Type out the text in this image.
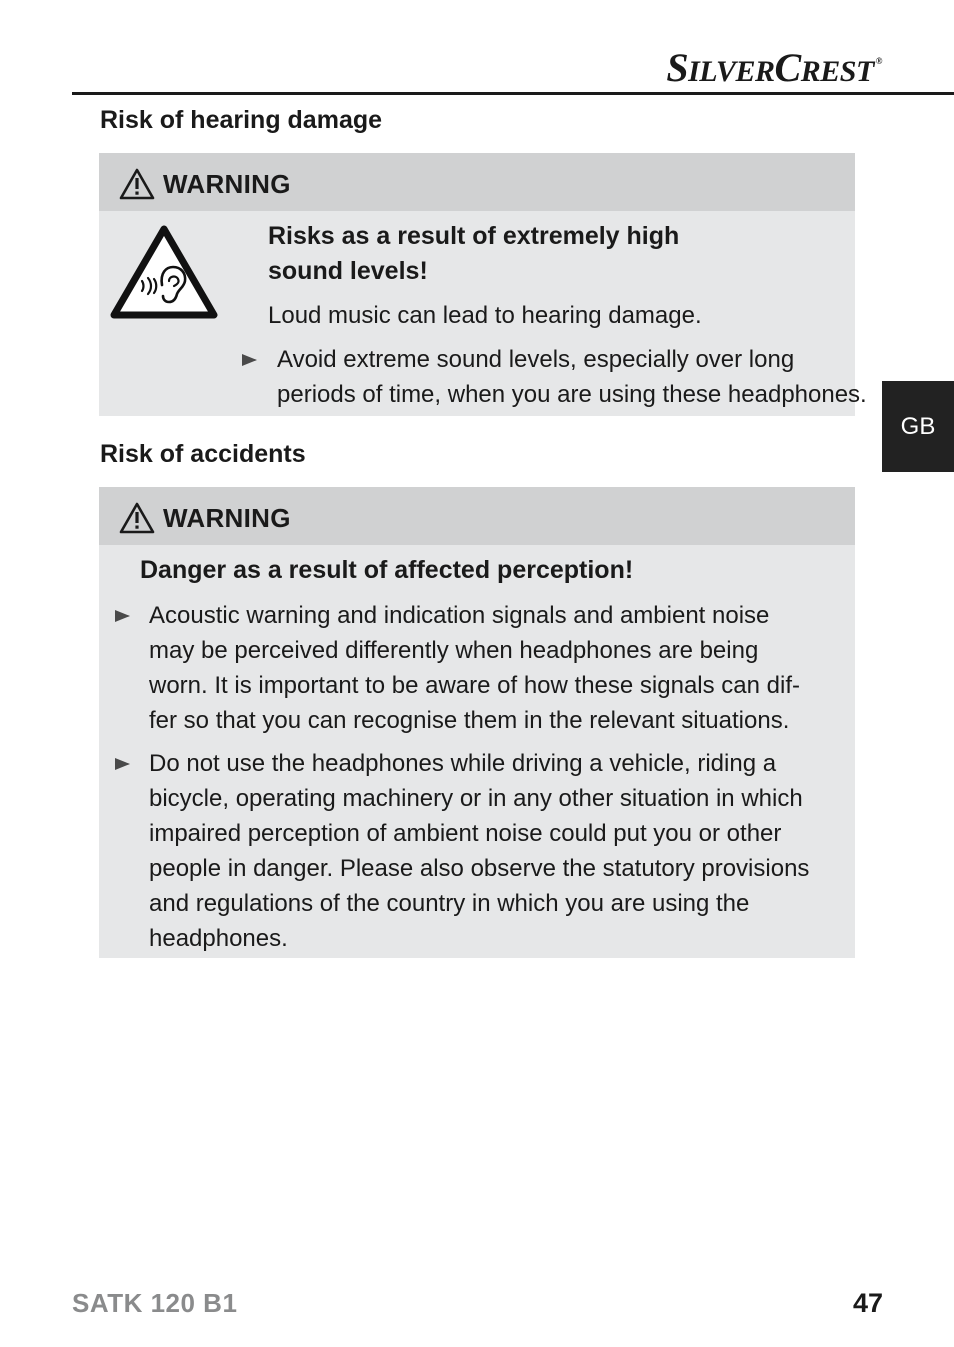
SILVERCREST ®
Risk of hearing damage
WARNING

Risks as a result of extremely high
sound levels!

Loud music can lead to hearing damage.

Avoid extreme sound levels, especially over long
periods of time, when you are using these headphones.
GB
Risk of accidents
WARNING

Danger as a result of affected perception!

Acoustic warning and indication signals and ambient noise
may be perceived differently when headphones are being
worn. It is important to be aware of how these signals can dif-
fer so that you can recognise them in the relevant situations.
Do not use the headphones while driving a vehicle, riding a
bicycle, operating machinery or in any other situation in which
impaired perception of ambient noise could put you or other
people in danger. Please also observe the statutory provisions
and regulations of the country in which you are using the
headphones.
SATK 120 B1	47
